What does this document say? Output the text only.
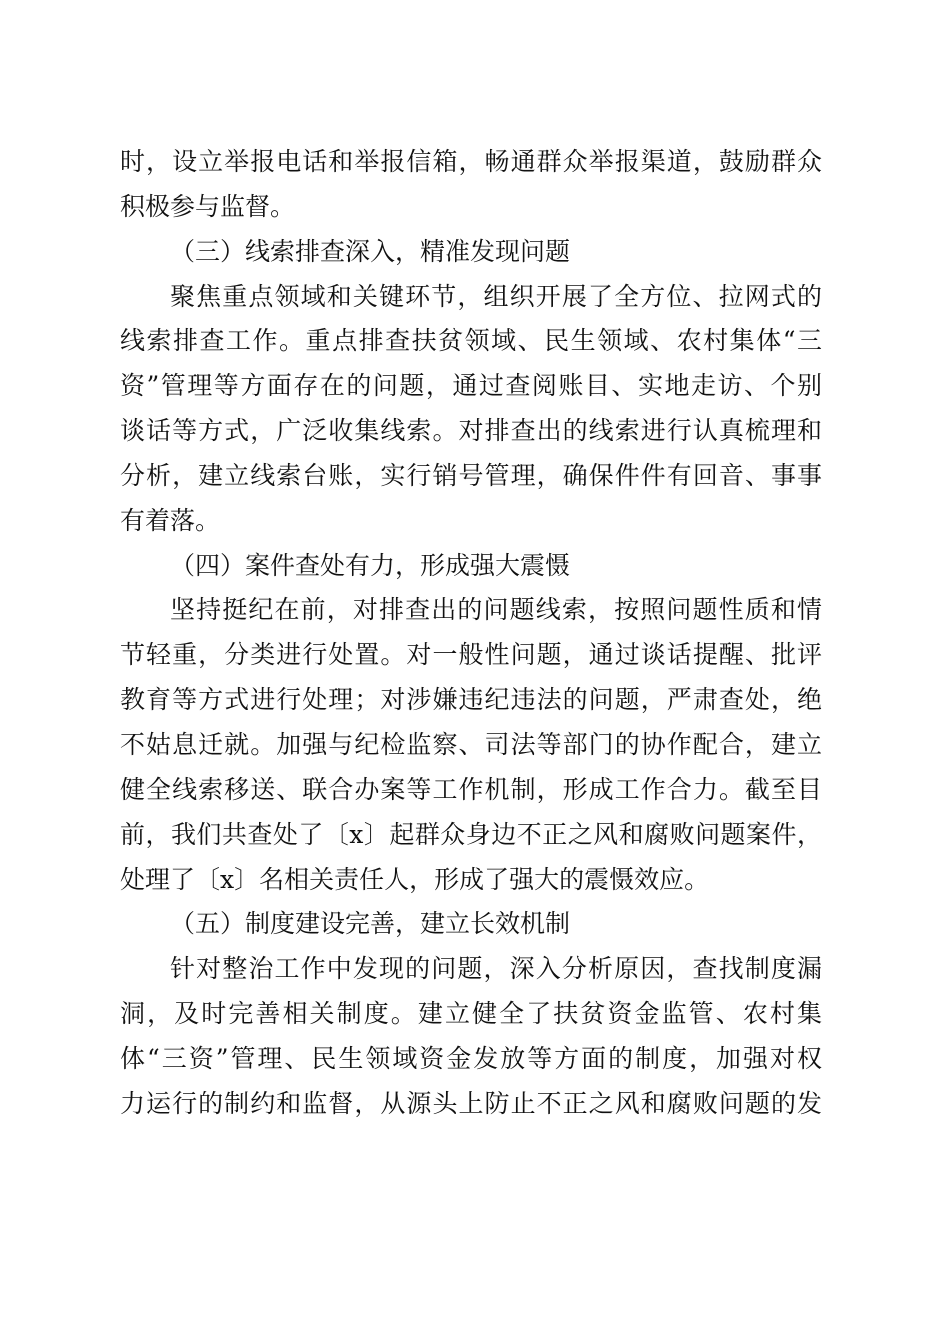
时，设立举报电话和举报信箱，畅通群众举报渠道，鼓励群众
积极参与监督。
（三）线索排查深入，精准发现问题
聚焦重点领域和关键环节，组织开展了全方位、拉网式的
线索排查工作。重点排查扶贫领域、民生领域、农村集体“三
资”管理等方面存在的问题，通过查阅账目、实地走访、个别
谈话等方式，广泛收集线索。对排查出的线索进行认真梳理和
分析，建立线索台账，实行销号管理，确保件件有回音、事事
有着落。
（四）案件查处有力，形成强大震慑
坚持挺纪在前，对排查出的问题线索，按照问题性质和情
节轻重，分类进行处置。对一般性问题，通过谈话提醒、批评
教育等方式进行处理；对涉嫌违纪违法的问题，严肃查处，绝
不姑息迁就。加强与纪检监察、司法等部门的协作配合，建立
健全线索移送、联合办案等工作机制，形成工作合力。截至目
前，我们共查处了〔x〕起群众身边不正之风和腐败问题案件，
处理了〔x〕名相关责任人，形成了强大的震慑效应。
（五）制度建设完善，建立长效机制
针对整治工作中发现的问题，深入分析原因，查找制度漏
洞，及时完善相关制度。建立健全了扶贫资金监管、农村集
体“三资”管理、民生领域资金发放等方面的制度，加强对权
力运行的制约和监督，从源头上防止不正之风和腐败问题的发
